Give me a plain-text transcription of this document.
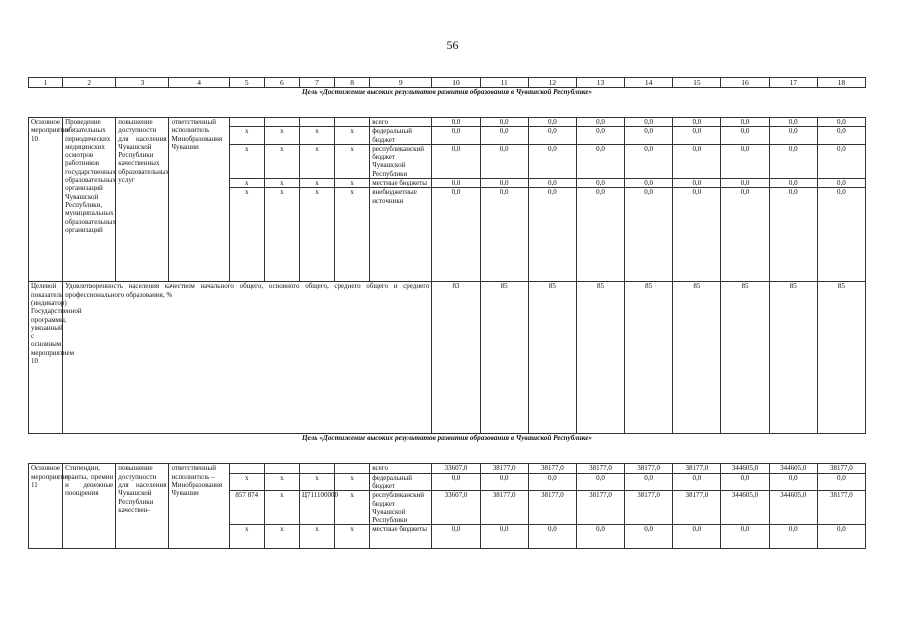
56
1	2	3	4	5	6	7	8	9	10	11	12	13	14	15	16	17	18
Цель «Достижение высоких результатов развития образования в Чувашской Республике»																	
Основное мероприятие 10	Проведение обязательных периодических медицинских осмотров работников государственных образовательных организаций Чувашской Республики, муниципальных образовательных организаций	повышение доступности для населения Чувашской Республики качественных образовательных услуг	ответственный исполнитель Минобразования Чувашии					всего	0,0	0,0	0,0	0,0	0,0	0,0	0,0	0,0	0,0
				x	x	x	x	федеральный бюджет	0,0	0,0	0,0	0,0	0,0	0,0	0,0	0,0	0,0
				x	x	x	x	республиканский бюджет Чувашской Республики	0,0	0,0	0,0	0,0	0,0	0,0	0,0	0,0	0,0
				x	x	x	x	местные бюджеты	0,0	0,0	0,0	0,0	0,0	0,0	0,0	0,0	0,0
				x	x	x	x	внебюджетные источники	0,0	0,0	0,0	0,0	0,0	0,0	0,0	0,0	0,0
Целевой показатель (индикатор) Государственной программы, увязанный с основным мероприятием 10	Удовлетворенность населения качеством начального общего, основного общего, среднего общего и среднего профессионального образования, %								83	85	85	85	85	85	85	85	85
Цель «Достижение высоких результатов развития образования в Чувашской Республике»																	
Основное мероприятие 11	Стипендии, гранты, премии и денежные поощрения	повышение доступности для населения Чувашской Республики качествен-	ответственный исполнитель – Минобразования Чувашии					всего	33607,0	38177,0	38177,0	38177,0	38177,0	38177,0	344605,0	344605,0	38177,0
				x	x	x	x	федеральный бюджет	0,0	0,0	0,0	0,0	0,0	0,0	0,0	0,0	0,0
				857 874	x	Ц711100000	x	республиканский бюджет Чувашской Республики	33607,0	38177,0	38177,0	38177,0	38177,0	38177,0	344605,0	344605,0	38177,0
				x	x	x	x	местные бюджеты	0,0	0,0	0,0	0,0	0,0	0,0	0,0	0,0	0,0
